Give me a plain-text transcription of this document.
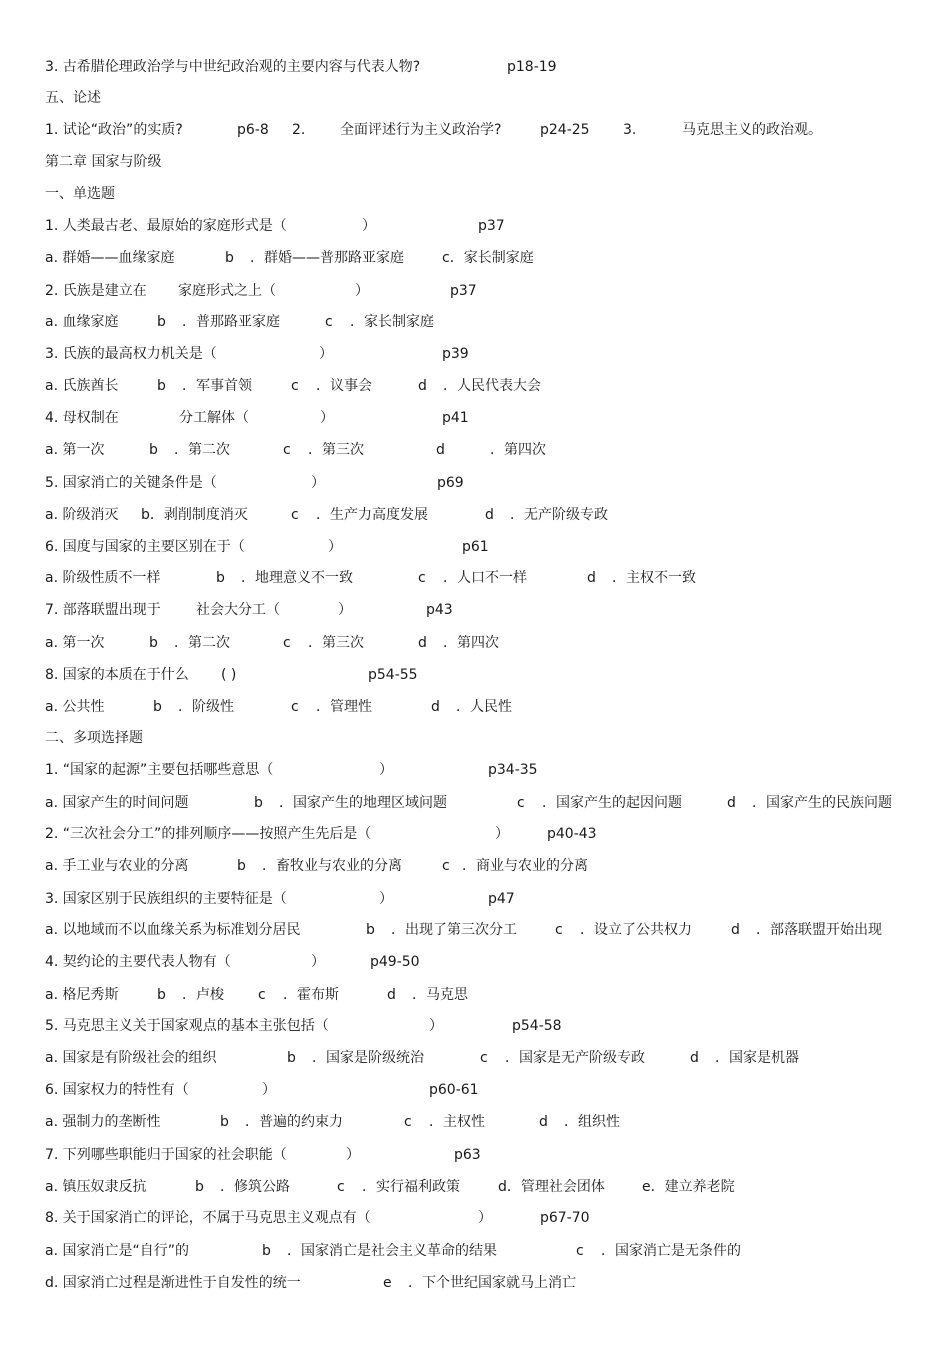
3. 古希腊伦理政治学与中世纪政治观的主要内容与代表人物?	p18-19
五、论述
1. 试论“政治”的实质?	p6-8 2. 全面评述行为主义政治学?	p24-25 3.	马克思主义的政治观。
第二章 国家与阶级
一、单选题
1. 人类最古老、最原始的家庭形式是（	）	p37
a. 群婚——血缘家庭	b ．群婚——普那路亚家庭	c．家长制家庭
2. 氏族是建立在 家庭形式之上（	）	p37
a. 血缘家庭	b ．普那路亚家庭	c ．家长制家庭
3. 氏族的最高权力机关是（	）	p39
a. 氏族酋长	b ．军事首领	c ．议事会	d ．人民代表大会
4. 母权制在	分工解体（	）	p41
a. 第一次	b ．第二次	c ．第三次	d	．第四次
5. 国家消亡的关键条件是（	）	p69
a. 阶级消灭 b．剥削制度消灭	c ．生产力高度发展	d ．无产阶级专政
6. 国度与国家的主要区别在于（	）	p61
a. 阶级性质不一样	b ．地理意义不一致	c ．人口不一样	d ．主权不一致
7. 部落联盟出现于	社会大分工（	）	p43
a. 第一次	b ．第二次	c ．第三次	d ．第四次
8. 国家的本质在于什么 ( )	p54-55
a. 公共性	b ．阶级性	c ．管理性	d ．人民性
二、多项选择题
1. “国家的起源”主要包括哪些意思（	）	p34-35
a. 国家产生的时间问题	b ．国家产生的地理区域问题	c ．国家产生的起因问题	d ．国家产生的民族问题
2. “三次社会分工”的排列顺序——按照产生先后是（	）	p40-43
a. 手工业与农业的分离	b ．畜牧业与农业的分离	c ．商业与农业的分离
3. 国家区别于民族组织的主要特征是（	）	p47
a. 以地域而不以血缘关系为标准划分居民	b ．出现了第三次分工	c ．设立了公共权力	d ．部落联盟开始出现
4. 契约论的主要代表人物有（	）	p49-50
a. 格尼秀斯	b ．卢梭 c ．霍布斯	d ．马克思
5. 马克思主义关于国家观点的基本主张包括（	）	p54-58
a. 国家是有阶级社会的组织	b ．国家是阶级统治	c ．国家是无产阶级专政	d ．国家是机器
6. 国家权力的特性有（	）	p60-61
a. 强制力的垄断性	b ．普遍的约束力	c ．主权性	d ．组织性
7. 下列哪些职能归于国家的社会职能（	）	p63
a. 镇压奴隶反抗	b ．修筑公路	c ．实行福利政策	d．管理社会团体	e．建立养老院
8. 关于国家消亡的评论，不属于马克思主义观点有（	）	p67-70
a. 国家消亡是“自行”的	b ．国家消亡是社会主义革命的结果	c ．国家消亡是无条件的
d. 国家消亡过程是渐进性于自发性的统一	e ．下个世纪国家就马上消亡
